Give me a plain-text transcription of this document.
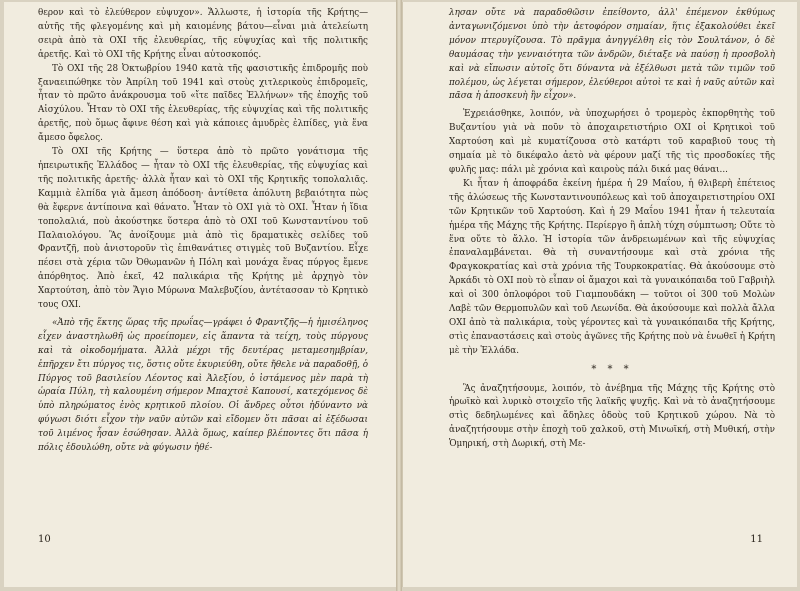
θερον καὶ τὸ ἐλεύθερον εὐψυχον». Ἄλλωστε, ἡ ἱστορία τῆς Κρήτης—αὐτῆς τῆς φλεγομένης καὶ μὴ καιομένης βάτου—εἶναι μιὰ ἀτελείωτη σειρὰ ἀπὸ τὰ ΟΧΙ τῆς ἐλευθερίας, τῆς εὐψυχίας καὶ τῆς πολιτικῆς ἀρετῆς. Καὶ τὸ ΟΧΙ τῆς Κρήτης εἶναι αὐτοσκοπός.

Τὸ ΟΧΙ τῆς 28 Ὀκτωβρίου 1940 κατὰ τῆς φασιστικῆς ἐπιδρομῆς ποὺ ξαναειπώθηκε τὸν Ἀπρίλη τοῦ 1941 καὶ στοὺς χιτλερικοὺς ἐπιδρομεῖς, ἦταν τὸ πρῶτο ἀνάκρουσμα τοῦ «ἴτε παῖδες Ἑλλήνων» τῆς ἐποχῆς τοῦ Αἰσχύλου. Ἦταν τὸ ΟΧΙ τῆς ἐλευθερίας, τῆς εὐψυχίας καὶ τῆς πολιτικῆς ἀρετῆς, ποὺ ὅμως ἄφινε θέση καὶ γιὰ κάποιες ἀμυδρὲς ἐλπίδες, γιὰ ἕνα ἄμεσο ὄφελος.

Τὸ ΟΧΙ τῆς Κρήτης — ὕστερα ἀπὸ τὸ πρῶτο γονάτισμα τῆς ἠπειρωτικῆς Ἑλλάδος — ἦταν τὸ ΟΧΙ τῆς ἐλευθερίας, τῆς εὐψυχίας καὶ τῆς πολιτικῆς ἀρετῆς· ἀλλὰ ἦταν καὶ τὸ ΟΧΙ τῆς Κρητικῆς τοπολαλιᾶς. Καμμιὰ ἐλπίδα γιὰ ἄμεση ἀπόδοση· ἀντίθετα ἀπόλυτη βεβαιότητα πὼς θὰ ἔφερνε ἀντίποινα καὶ θάνατο. Ἦταν τὸ ΟΧΙ γιὰ τὸ ΟΧΙ. Ἦταν ἡ ἴδια τοπολαλιά, ποὺ ἀκούστηκε ὕστερα ἀπὸ τὸ ΟΧΙ τοῦ Κωνσταντίνου τοῦ Παλαιολόγου. Ἂς ἀνοίξουμε μιὰ ἀπὸ τὶς δραματικὲς σελίδες τοῦ Φραντζῆ, ποὺ ἀνιστοροῦν τὶς ἐπιθανάτιες στιγμὲς τοῦ Βυζαντίου. Εἶχε πέσει στὰ χέρια τῶν Ὀθωμανῶν ἡ Πόλη καὶ μονάχα ἕνας πύργος ἔμενε ἀπόρθητος. Ἀπὸ ἐκεῖ, 42 παλικάρια τῆς Κρήτης μὲ ἀρχηγὸ τὸν Χαρτούτση, ἀπὸ τὸν Ἄγιο Μύρωνα Μαλεβυζίου, ἀντέτασσαν τὸ Κρητικὸ τους ΟΧΙ.

«Ἀπὸ τῆς ἕκτης ὥρας τῆς πρωΐας—γράφει ὁ Φραντζῆς—ἡ ἡμισέληνος εἶχεν ἀναστηλωθῆ ὡς προείπομεν, εἰς ἅπαντα τὰ τείχη, τοὺς πύργους καὶ τὰ οἰκοδομήματα. Ἀλλὰ μέχρι τῆς δευτέρας μεταμεσημβρίαν, ἐπῆρχεν ἔτι πύργος τις, ὅστις οὔτε ἐκυριεύθη, οὔτε ἤθελε νὰ παραδοθῇ, ὁ Πύργος τοῦ βασιλείου Λέοντος καὶ Ἀλεξίου, ὁ ἱστάμενος μὲν παρὰ τὴ ὡραία Πύλη, τὴ καλουμένη σήμερον Μπαχτσὲ Καπουσί, κατεχόμενος δὲ ὑπὸ πληρώματος ἑνὸς κρητικοῦ πλοίου. Οἱ ἄνδρες οὗτοι ἠδύναντο νὰ φύγωσι διότι εἶχον τὴν ναῦν αὐτῶν καὶ εἴδομεν ὅτι πᾶσαι αἱ ἐξέδωσαι τοῦ λιμένος ἦσαν ἐσώθησαν. Ἀλλὰ ὅμως, καίπερ βλέποντες ὅτι πᾶσα ἡ πόλις ἐδουλώθη, οὔτε νὰ φύγωσιν ἠθέ-

10

λησαν οὔτε νὰ παραδοθῶσιν ἐπείθοντο, ἀλλ' ἐπέμενον ἐκθύμως ἀνταγωνιζόμενοι ὑπὸ τὴν ἀετοφόρον σημαίαν, ἥτις ἐξακολούθει ἐκεῖ μόνον πτερυγίζουσα. Τὸ πρᾶγμα ἀνηγγέλθη εἰς τὸν Σουλτάνον, ὁ δὲ θαυμάσας τὴν γενναιότητα τῶν ἀνδρῶν, διέταξε νὰ παύσῃ ἡ προσβολὴ καὶ νὰ εἴπωσιν αὐτοῖς ὅτι δύναντα νὰ ἐξέλθωσι μετὰ τῶν τιμῶν τοῦ πολέμου, ὡς λέγεται σήμερον, ἐλεύθεροι αὐτοὶ τε καὶ ἡ ναῦς αὐτῶν καὶ πᾶσα ἡ ἀποσκευὴ ἢν εἶχον».

Ἐχρειάσθηκε, λοιπόν, νὰ ὑποχωρήσει ὁ τρομερὸς ἐκπορθητὴς τοῦ Βυζαντίου γιὰ νὰ ποῦν τὸ ἀποχαιρετιστήριο ΟΧΙ οἱ Κρητικοὶ τοῦ Χαρτούση καὶ μὲ κυματίζουσα στὸ κατάρτι τοῦ καραβιοῦ τους τὴ σημαία μὲ τὸ δικέφαλο ἀετὸ νὰ φέρουν μαζί τῆς τὶς προσδοκίες τῆς φυλῆς μας: πάλι μὲ χρόνια καὶ καιροὺς πάλι δικά μας θάναι...

Κι ἦταν ἡ ἀποφράδα ἐκείνη ἡμέρα ἡ 29 Μαΐου, ἡ θλιβερὴ ἐπέτειος τῆς ἁλώσεως τῆς Κωνσταντινουπόλεως καὶ τοῦ ἀποχαιρετιστηρίου ΟΧΙ τῶν Κρητικῶν τοῦ Χαρτούση. Καὶ ἡ 29 Μαΐου 1941 ἦταν ἡ τελευταία ἡμέρα τῆς Μάχης τῆς Κρήτης. Περίεργο ἢ ἁπλὴ τύχη σύμπτωση; Οὔτε τὸ ἕνα οὔτε τὸ ἄλλο. Ἡ ἱστορία τῶν ἀνδρειωμένων καὶ τῆς εὐψυχίας ἐπαναλαμβάνεται. Θὰ τὴ συναντήσουμε καὶ στὰ χρόνια τῆς Φραγκοκρατίας καὶ στὰ χρόνια τῆς Τουρκοκρατίας. Θὰ ἀκούσουμε στὸ Ἀρκάδι τὸ ΟΧΙ ποὺ τὸ εἶπαν οἱ ἄμαχοι καὶ τὰ γυναικόπαιδα τοῦ Γαβριὴλ καὶ οἱ 300 ὁπλοφόροι τοῦ Γιαμπουδάκη — τοῦτοι οἱ 300 τοῦ Μολὼν Λαβὲ τῶν Θερμοπυλῶν καὶ τοῦ Λεωνίδα. Θὰ ἀκούσουμε καὶ πολλὰ ἄλλα ΟΧΙ ἀπὸ τὰ παλικάρια, τοὺς γέροντες καὶ τὰ γυναικόπαιδα τῆς Κρήτης, στὶς ἐπαναστάσεις καὶ στοὺς ἀγῶνες τῆς Κρήτης ποὺ νὰ ἑνωθεῖ ἡ Κρήτη μὲ τὴν Ἑλλάδα.

* * *

Ἂς ἀναζητήσουμε, λοιπόν, τὸ ἀνέβημα τῆς Μάχης τῆς Κρήτης στὸ ἡρωϊκὸ καὶ λυρικὸ στοιχεῖο τῆς λαϊκῆς ψυχῆς. Καὶ νὰ τὸ ἀναζητήσουμε στὶς δεδηλωμένες καὶ ἄδηλες ὁδοὺς τοῦ Κρητικοῦ χώρου. Νὰ τὸ ἀναζητήσουμε στὴν ἐποχὴ τοῦ χαλκοῦ, στὴ Μινωϊκή, στὴ Μυθική, στὴν Ὁμηρική, στὴ Δωρική, στὴ Με-

11
